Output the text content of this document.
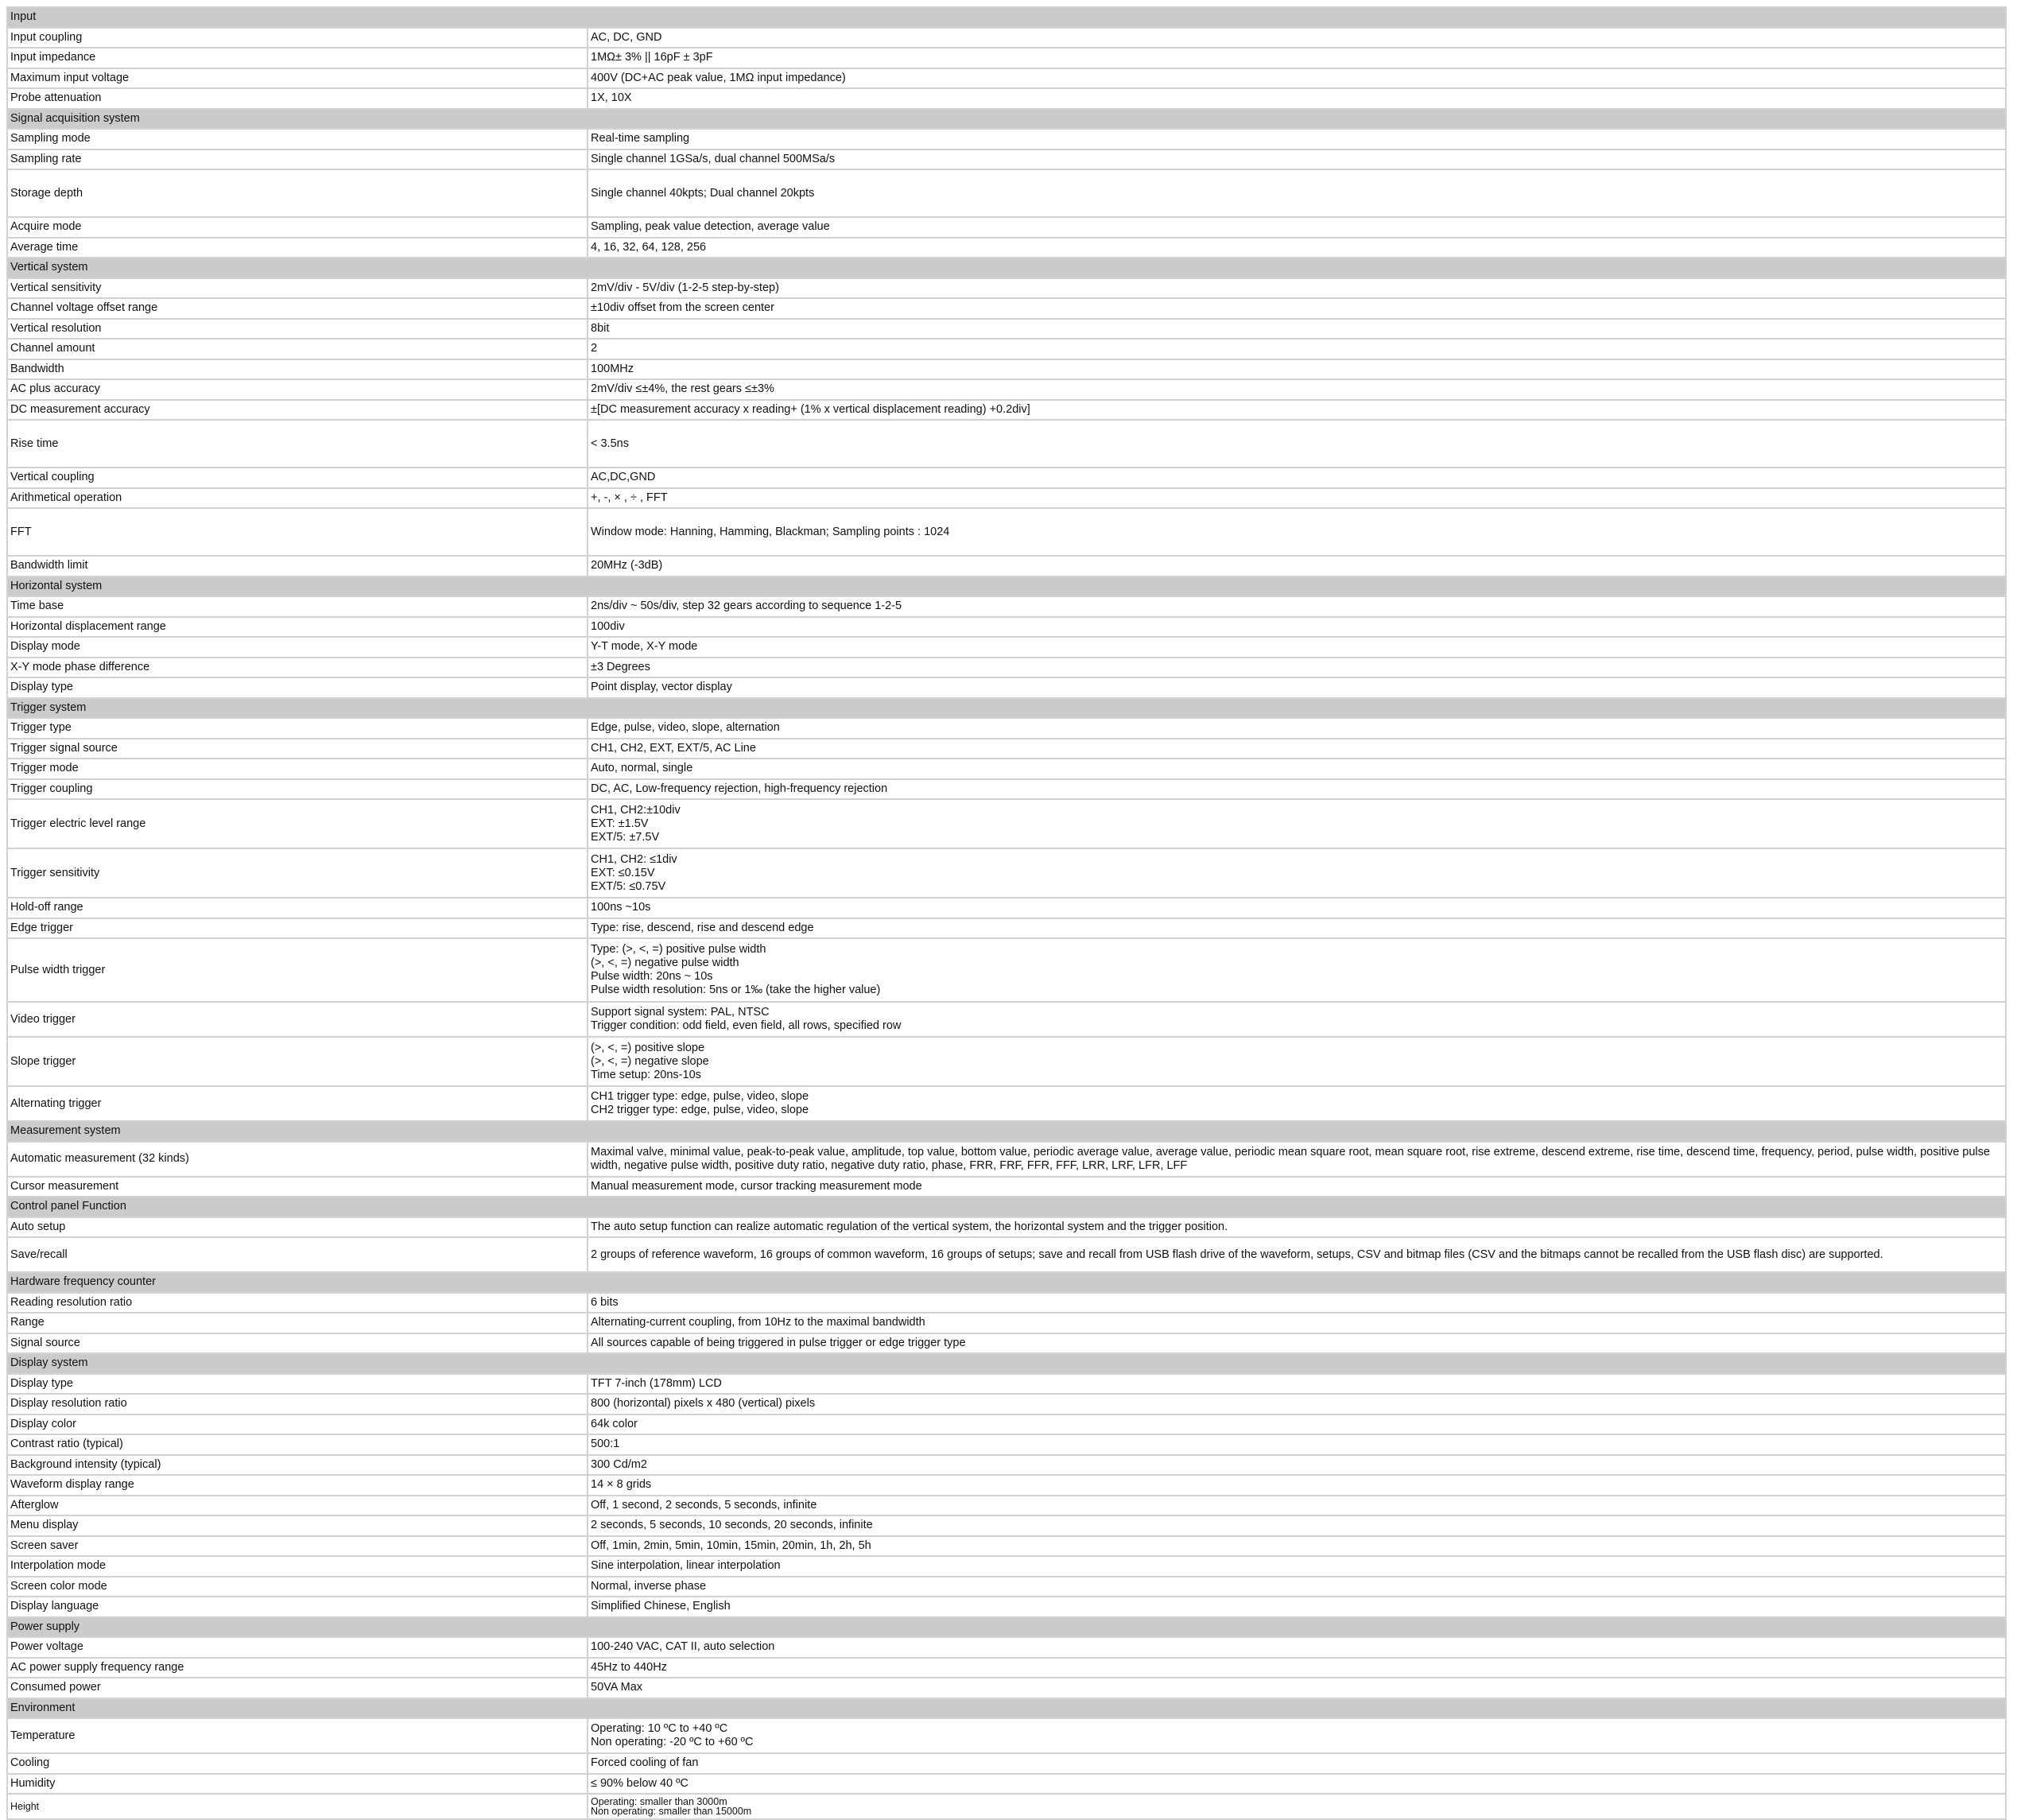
Input	
Input coupling	AC, DC, GND
Input impedance	1MΩ± 3% || 16pF ± 3pF
Maximum input voltage	400V (DC+AC peak value, 1MΩ input impedance)
Probe attenuation	1X, 10X
Signal acquisition system	
Sampling mode	Real-time sampling
Sampling rate	Single channel 1GSa/s, dual channel 500MSa/s
Storage depth	Single channel 40kpts; Dual channel 20kpts
Acquire mode	Sampling, peak value detection, average value
Average time	4, 16, 32, 64, 128, 256
Vertical system	
Vertical sensitivity	2mV/div - 5V/div (1-2-5 step-by-step)
Channel voltage offset range	±10div offset from the screen center
Vertical resolution	8bit
Channel amount	2
Bandwidth	100MHz
AC plus accuracy	2mV/div ≤±4%, the rest gears ≤±3%
DC measurement accuracy	±[DC measurement accuracy x reading+ (1% x vertical displacement reading) +0.2div]
Rise time	< 3.5ns
Vertical coupling	AC,DC,GND
Arithmetical operation	+, -, × , ÷ , FFT
FFT	Window mode: Hanning, Hamming, Blackman; Sampling points : 1024
Bandwidth limit	20MHz (-3dB)
Horizontal system	
Time base	2ns/div ~ 50s/div, step 32 gears according to sequence 1-2-5
Horizontal displacement range	100div
Display mode	Y-T mode, X-Y mode
X-Y mode phase difference	±3 Degrees
Display type	Point display, vector display
Trigger system	
Trigger type	Edge, pulse, video, slope, alternation
Trigger signal source	CH1, CH2, EXT, EXT/5, AC Line
Trigger mode	Auto, normal, single
Trigger coupling	DC, AC, Low-frequency rejection, high-frequency rejection
Trigger electric level range	CH1, CH2:±10div
EXT: ±1.5V
EXT/5: ±7.5V
Trigger sensitivity	CH1, CH2: ≤1div
EXT: ≤0.15V
EXT/5: ≤0.75V
Hold-off range	100ns ~10s
Edge trigger	Type: rise, descend, rise and descend edge
Pulse width trigger	Type: (>, <, =) positive pulse width
(>, <, =) negative pulse width
Pulse width: 20ns ~ 10s
Pulse width resolution: 5ns or 1‰ (take the higher value)
Video trigger	Support signal system: PAL, NTSC
Trigger condition: odd field, even field, all rows, specified row
Slope trigger	(>, <, =) positive slope
(>, <, =) negative slope
Time setup: 20ns-10s
Alternating trigger	CH1 trigger type: edge, pulse, video, slope
CH2 trigger type: edge, pulse, video, slope
Measurement system	
Automatic measurement (32 kinds)	Maximal valve, minimal value, peak-to-peak value, amplitude, top value, bottom value, periodic average value, average value, periodic mean square root, mean square root, rise extreme, descend extreme, rise time, descend time, frequency, period, pulse width, positive pulse width, negative pulse width, positive duty ratio, negative duty ratio, phase, FRR, FRF, FFR, FFF, LRR, LRF, LFR, LFF
Cursor measurement	Manual measurement mode, cursor tracking measurement mode
Control panel Function	
Auto setup	The auto setup function can realize automatic regulation of the vertical system, the horizontal system and the trigger position.
Save/recall	2 groups of reference waveform, 16 groups of common waveform, 16 groups of setups; save and recall from USB flash drive of the waveform, setups, CSV and bitmap files (CSV and the bitmaps cannot be recalled from the USB flash disc) are supported.
Hardware frequency counter	
Reading resolution ratio	6 bits
Range	Alternating-current coupling, from 10Hz to the maximal bandwidth
Signal source	All sources capable of being triggered in pulse trigger or edge trigger type
Display system	
Display type	TFT 7-inch (178mm) LCD
Display resolution ratio	800 (horizontal) pixels x 480 (vertical) pixels
Display color	64k color
Contrast ratio (typical)	500:1
Background intensity (typical)	300 Cd/m2
Waveform display range	14 × 8 grids
Afterglow	Off, 1 second, 2 seconds, 5 seconds, infinite
Menu display	2 seconds, 5 seconds, 10 seconds, 20 seconds, infinite
Screen saver	Off, 1min, 2min, 5min, 10min, 15min, 20min, 1h, 2h, 5h
Interpolation mode	Sine interpolation, linear interpolation
Screen color mode	Normal, inverse phase
Display language	Simplified Chinese, English
Power supply	
Power voltage	100-240 VAC, CAT II, auto selection
AC power supply frequency range	45Hz to 440Hz
Consumed power	50VA Max
Environment	
Temperature	Operating: 10 ºC to +40 ºC
Non operating: -20 ºC to +60 ºC
Cooling	Forced cooling of fan
Humidity	≤ 90% below 40 ºC
Height	Operating: smaller than 3000m
Non operating: smaller than 15000m
